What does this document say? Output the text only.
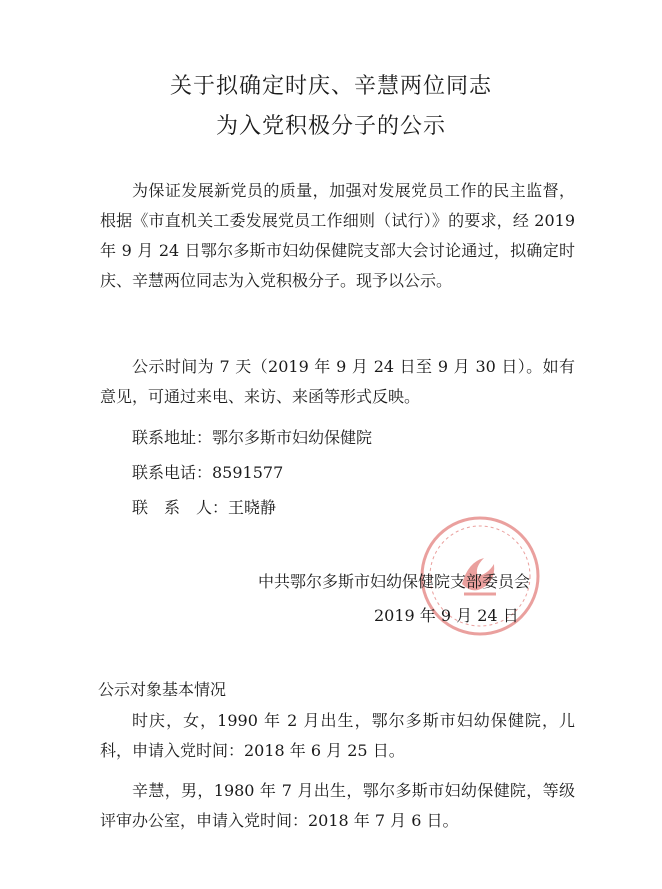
关于拟确定时庆、辛慧两位同志
为入党积极分子的公示
为保证发展新党员的质量，加强对发展党员工作的民主监督，根据《市直机关工委发展党员工作细则（试行）》的要求，经 2019 年 9 月 24 日鄂尔多斯市妇幼保健院支部大会讨论通过，拟确定时庆、辛慧两位同志为入党积极分子。现予以公示。
公示时间为 7 天（2019 年 9 月 24 日至 9 月 30 日）。如有意见，可通过来电、来访、来函等形式反映。
联系地址：鄂尔多斯市妇幼保健院
联系电话：8591577
联　系　人：王晓静
中共鄂尔多斯市妇幼保健院支部委员会
2019 年 9 月 24 日
公示对象基本情况
时庆，女，1990 年 2 月出生，鄂尔多斯市妇幼保健院，儿科，申请入党时间：2018 年 6 月 25 日。
辛慧，男，1980 年 7 月出生，鄂尔多斯市妇幼保健院，等级评审办公室，申请入党时间：2018 年 7 月 6 日。
